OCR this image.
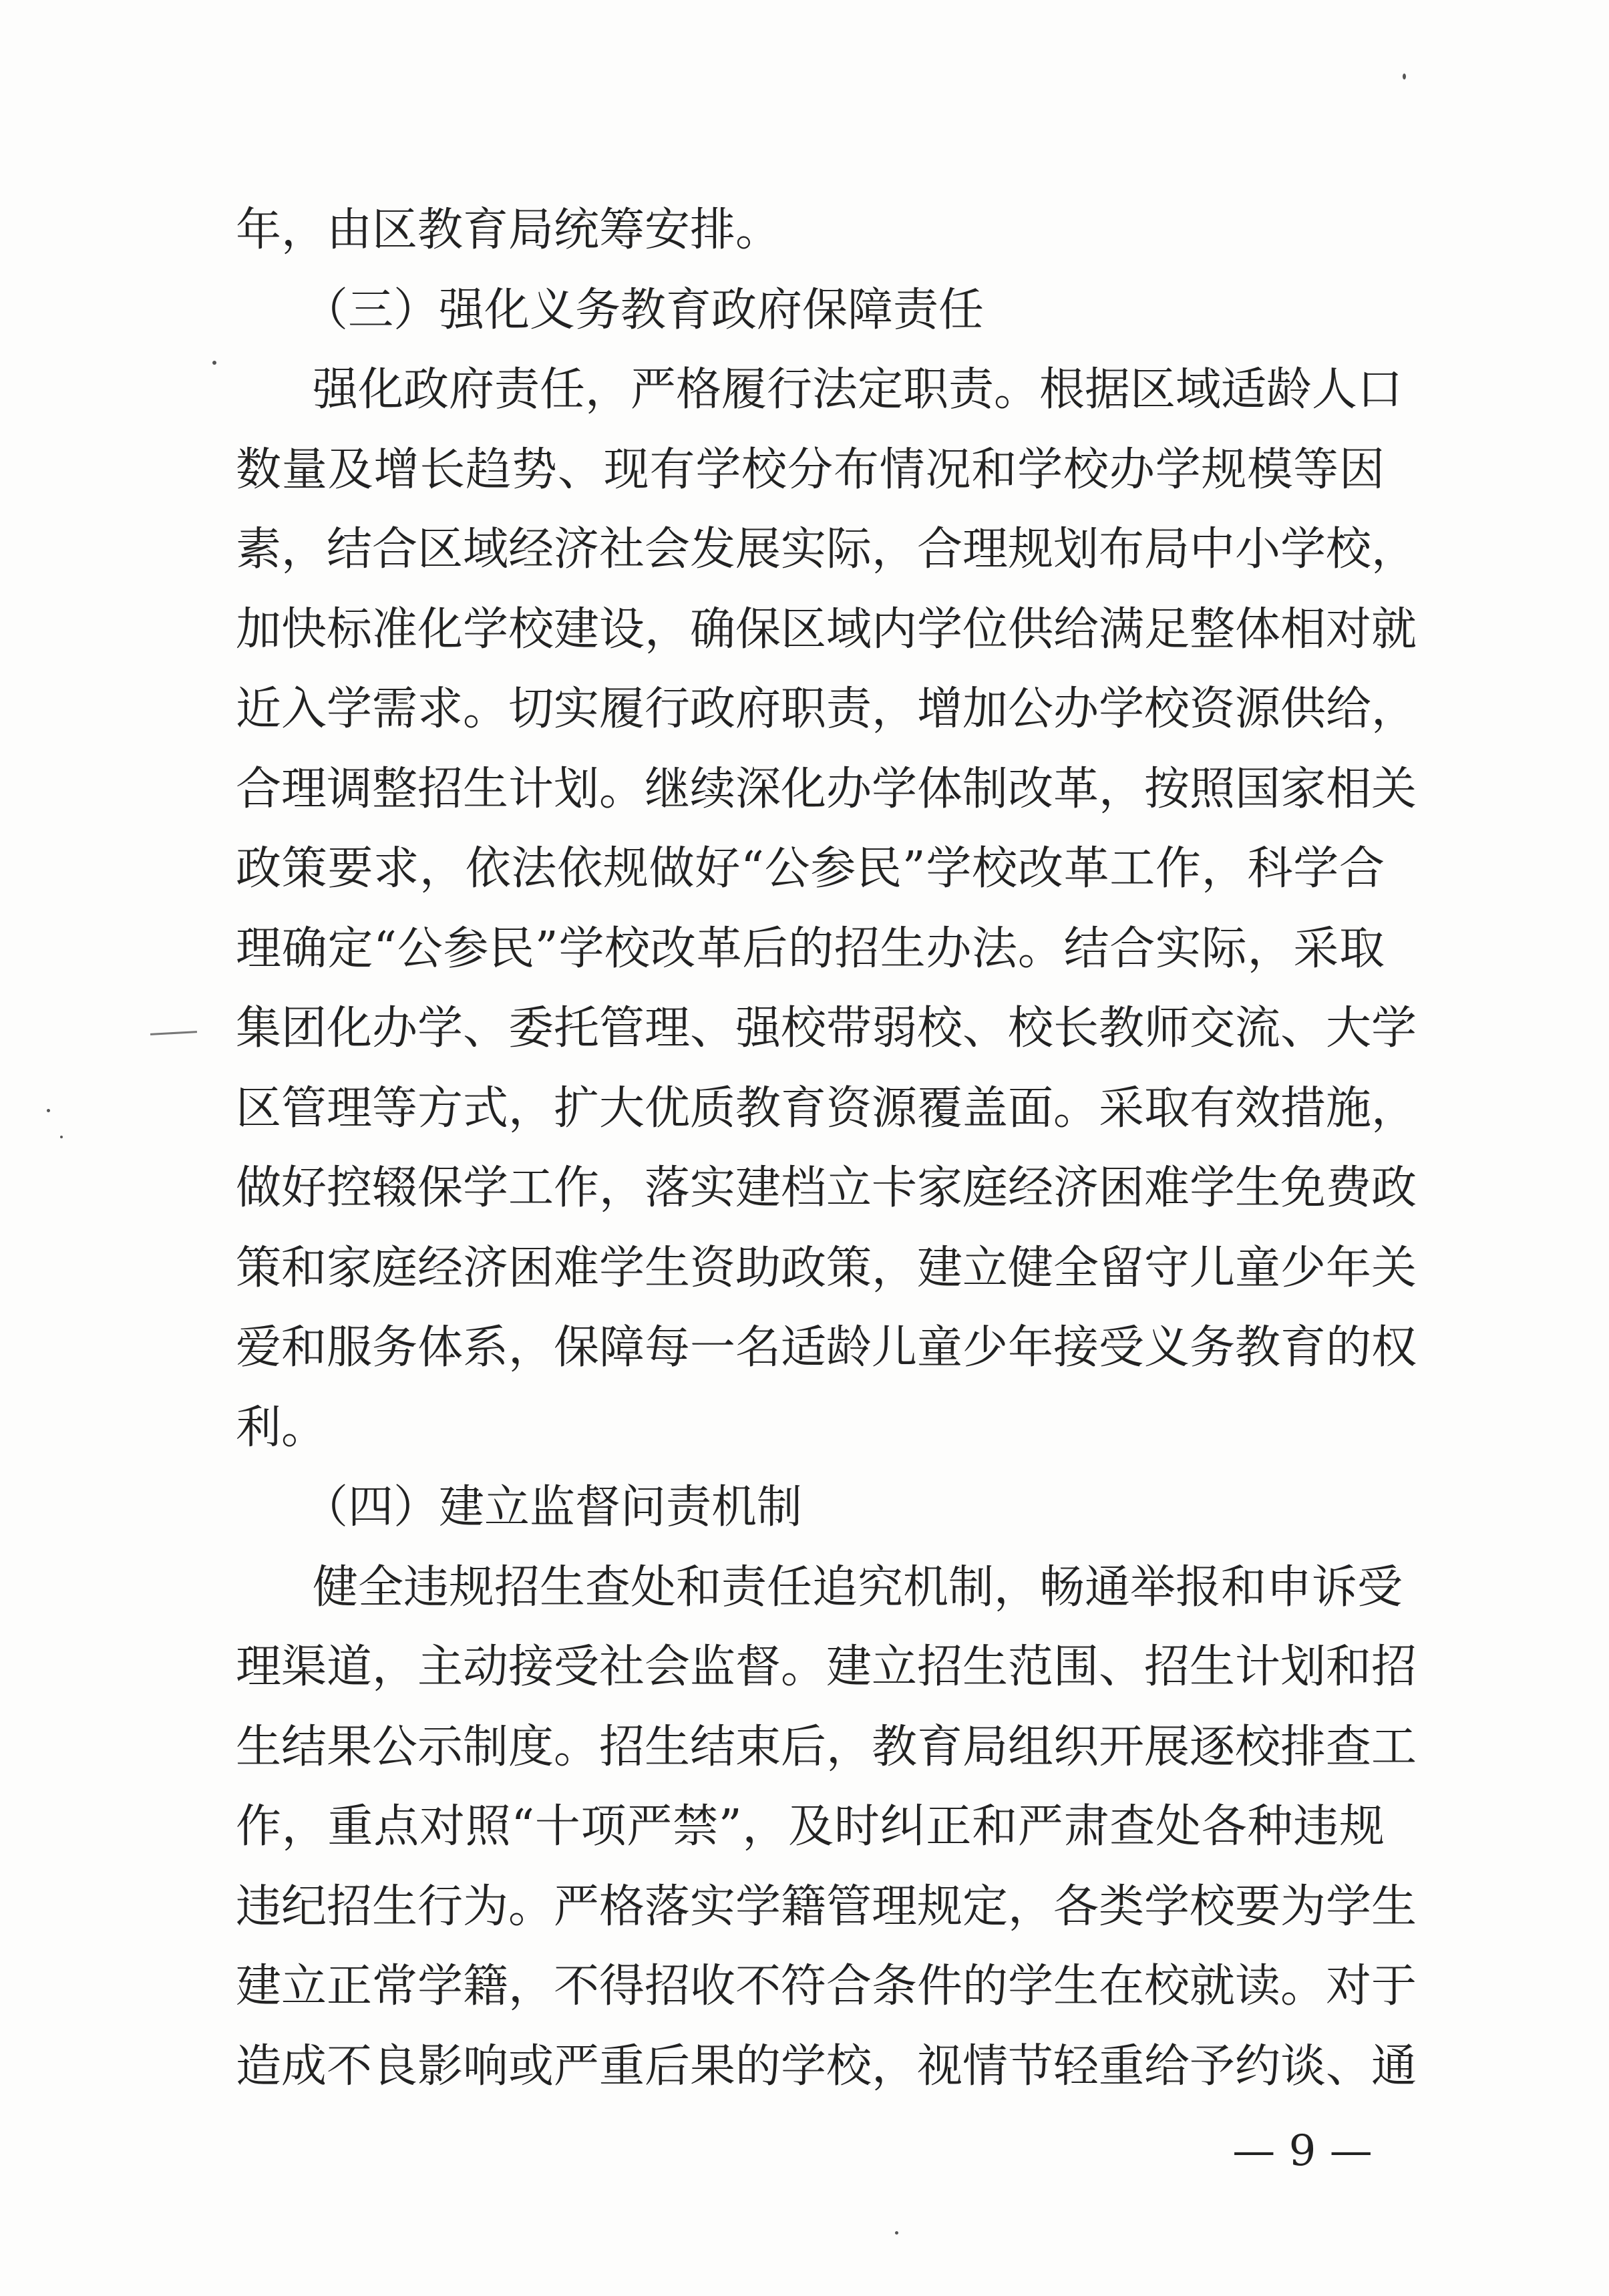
年，由区教育局统筹安排。
（三）强化义务教育政府保障责任
强化政府责任，严格履行法定职责。根据区域适龄人口
数量及增长趋势、现有学校分布情况和学校办学规模等因
素，结合区域经济社会发展实际，合理规划布局中小学校，
加快标准化学校建设，确保区域内学位供给满足整体相对就
近入学需求。切实履行政府职责，增加公办学校资源供给，
合理调整招生计划。继续深化办学体制改革，按照国家相关
政策要求，依法依规做好“公参民”学校改革工作，科学合
理确定“公参民”学校改革后的招生办法。结合实际，采取
集团化办学、委托管理、强校带弱校、校长教师交流、大学
区管理等方式，扩大优质教育资源覆盖面。采取有效措施，
做好控辍保学工作，落实建档立卡家庭经济困难学生免费政
策和家庭经济困难学生资助政策，建立健全留守儿童少年关
爱和服务体系，保障每一名适龄儿童少年接受义务教育的权
利。
（四）建立监督问责机制
健全违规招生查处和责任追究机制，畅通举报和申诉受
理渠道，主动接受社会监督。建立招生范围、招生计划和招
生结果公示制度。招生结束后，教育局组织开展逐校排查工
作，重点对照“十项严禁”，及时纠正和严肃查处各种违规
违纪招生行为。严格落实学籍管理规定，各类学校要为学生
建立正常学籍，不得招收不符合条件的学生在校就读。对于
造成不良影响或严重后果的学校，视情节轻重给予约谈、通
— 9 —
